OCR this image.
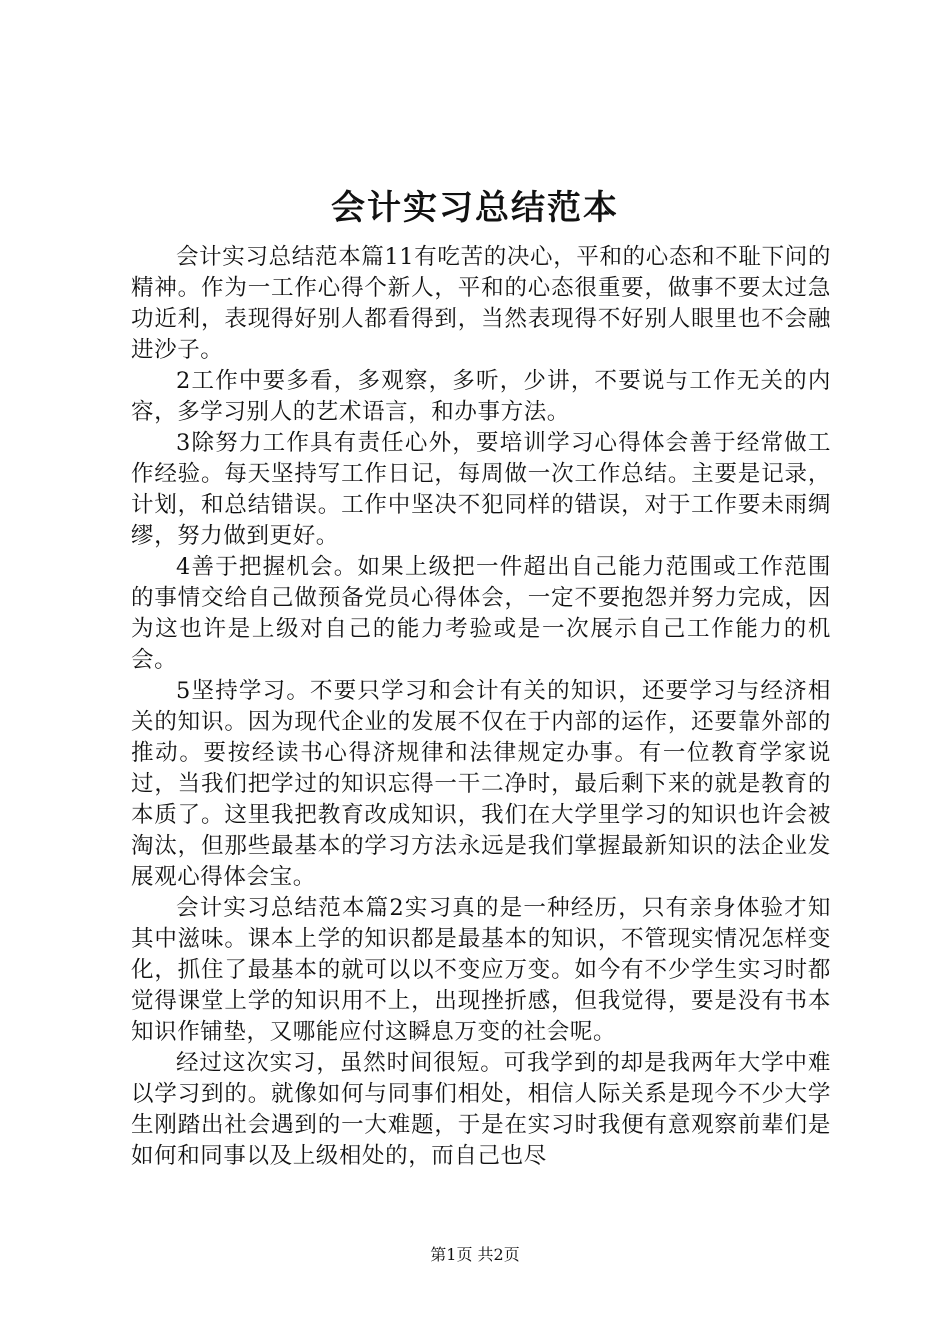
会计实习总结范本

会计实习总结范本篇11有吃苦的决心，平和的心态和不耻下问的精神。作为一工作心得个新人，平和的心态很重要，做事不要太过急功近利，表现得好别人都看得到，当然表现得不好别人眼里也不会融进沙子。

2工作中要多看，多观察，多听，少讲，不要说与工作无关的内容，多学习别人的艺术语言，和办事方法。

3除努力工作具有责任心外，要培训学习心得体会善于经常做工作经验。每天坚持写工作日记，每周做一次工作总结。主要是记录，计划，和总结错误。工作中坚决不犯同样的错误，对于工作要未雨绸缪，努力做到更好。

4善于把握机会。如果上级把一件超出自己能力范围或工作范围的事情交给自己做预备党员心得体会，一定不要抱怨并努力完成，因为这也许是上级对自己的能力考验或是一次展示自己工作能力的机会。

5坚持学习。不要只学习和会计有关的知识，还要学习与经济相关的知识。因为现代企业的发展不仅在于内部的运作，还要靠外部的推动。要按经读书心得济规律和法律规定办事。有一位教育学家说过，当我们把学过的知识忘得一干二净时，最后剩下来的就是教育的本质了。这里我把教育改成知识，我们在大学里学习的知识也许会被淘汰，但那些最基本的学习方法永远是我们掌握最新知识的法企业发展观心得体会宝。

会计实习总结范本篇2实习真的是一种经历，只有亲身体验才知其中滋味。课本上学的知识都是最基本的知识，不管现实情况怎样变化，抓住了最基本的就可以以不变应万变。如今有不少学生实习时都觉得课堂上学的知识用不上，出现挫折感，但我觉得，要是没有书本知识作铺垫，又哪能应付这瞬息万变的社会呢。

经过这次实习，虽然时间很短。可我学到的却是我两年大学中难以学习到的。就像如何与同事们相处，相信人际关系是现今不少大学生刚踏出社会遇到的一大难题，于是在实习时我便有意观察前辈们是如何和同事以及上级相处的，而自己也尽

第1页 共2页
